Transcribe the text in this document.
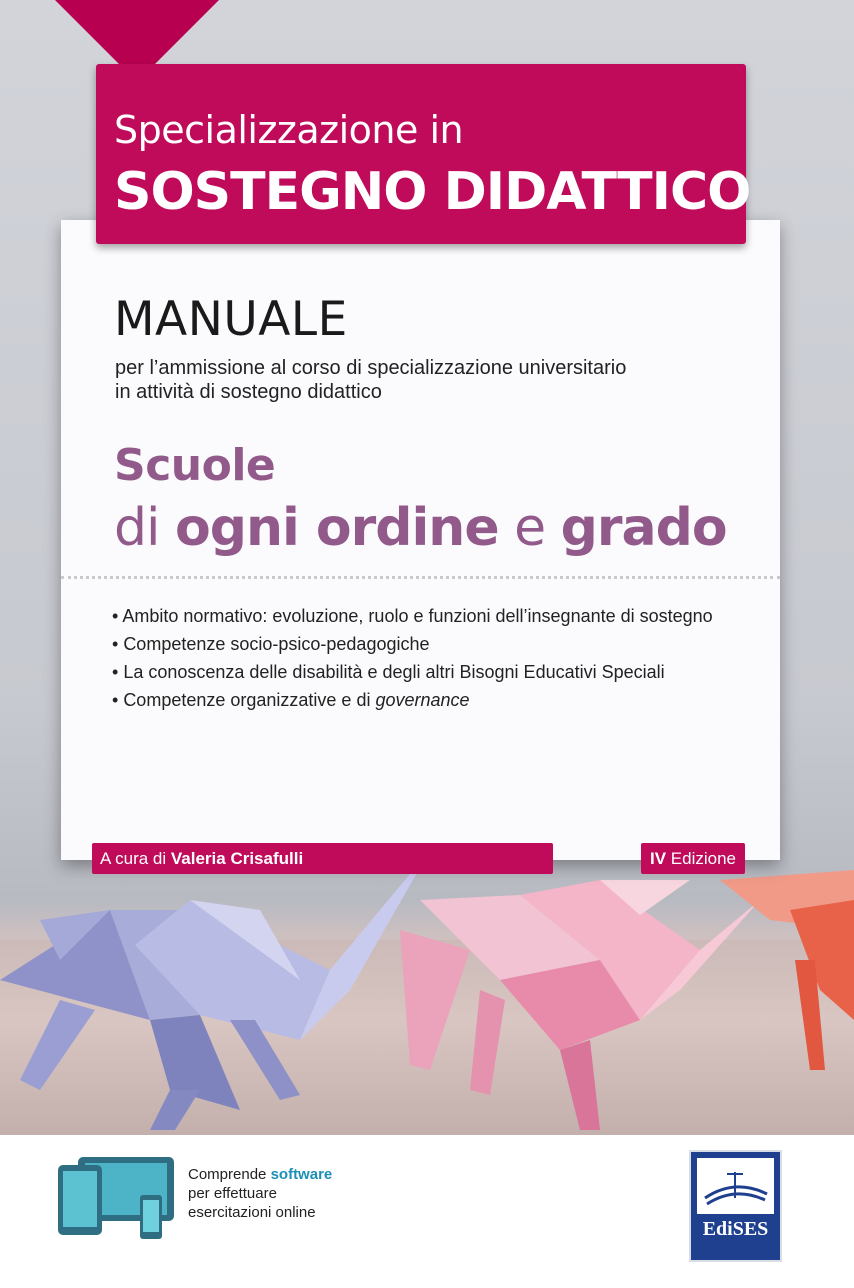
MANUALE
per l’ammissione al corso di specializzazione universitario
in attività di sostegno didattico
Scuole
di ogni ordine e grado
• Ambito normativo: evoluzione, ruolo e funzioni dell’insegnante di sostegno
• Competenze socio-psico-pedagogiche
• La conoscenza delle disabilità e degli altri Bisogni Educativi Speciali
• Competenze organizzative e di governance
Specializzazione in
SOSTEGNO DIDATTICO
A cura di Valeria Crisafulli	IV Edizione
Comprende software
per effettuare
esercitazioni online
EdiSES
